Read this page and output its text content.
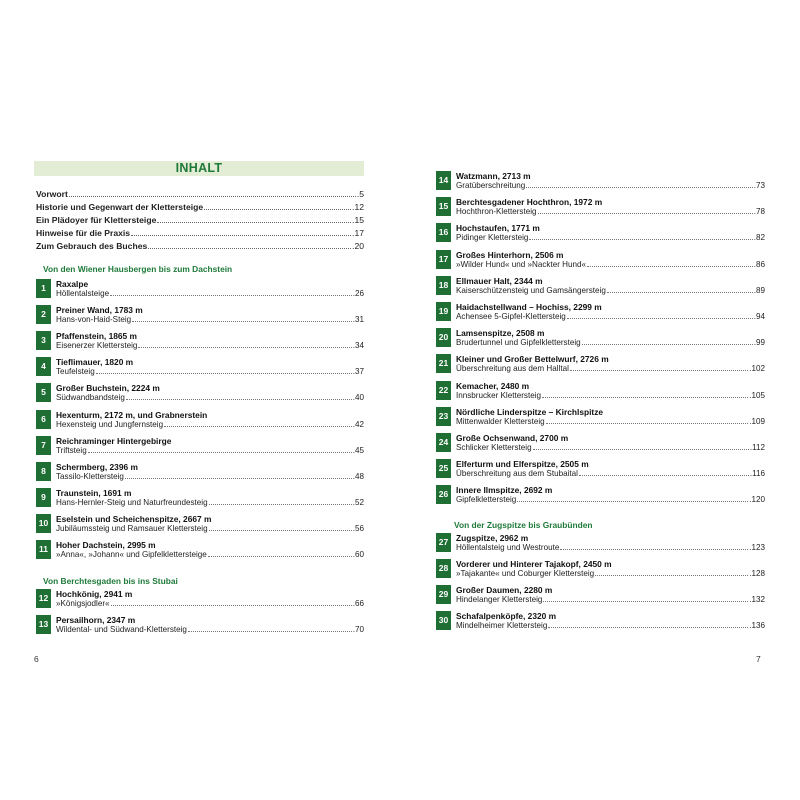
INHALT
Vorwort	.5
Historie und Gegenwart der Klettersteige	.12
Ein Plädoyer für Klettersteige	.15
Hinweise für die Praxis	.17
Zum Gebrauch des Buches	.20
Von den Wiener Hausbergen bis zum Dachstein
1	Raxalpe
Höllentalsteige	.26
2	Preiner Wand, 1783 m
Hans-von-Haid-Steig	.31
3	Pfaffenstein, 1865 m
Eisenerzer Klettersteig	.34
4	Tieflimauer, 1820 m
Teufelsteig	.37
5	Großer Buchstein, 2224 m
Südwandbandsteig	.40
6	Hexenturm, 2172 m, und Grabnerstein
Hexensteig und Jungfernsteig	.42
7	Reichraminger Hintergebirge
Triftsteig	.45
8	Schermberg, 2396 m
Tassilo-Klettersteig	.48
9	Traunstein, 1691 m
Hans-Hernler-Steig und Naturfreundesteig	.52
10 Eselstein und Scheichenspitze, 2667 m
Jubiläumssteig und Ramsauer Klettersteig	.56
11 Hoher Dachstein, 2995 m
»Anna«, »Johann« und Gipfelklettersteige	.60
Von Berchtesgaden bis ins Stubai
12 Hochkönig, 2941 m
»Königsjodler«	.66
13 Persailhorn, 2347 m
Wildental- und Südwand-Klettersteig	.70
6
14 Watzmann, 2713 m
Gratüberschreitung	.73
15 Berchtesgadener Hochthron, 1972 m
Hochthron-Klettersteig	.78
16 Hochstaufen, 1771 m
Pidinger Klettersteig	.82
17 Großes Hinterhorn, 2506 m
»Wilder Hund« und »Nackter Hund«	.86
18 Ellmauer Halt, 2344 m
Kaiserschützensteig und Gamsängersteig	.89
19 Haidachstellwand – Hochiss, 2299 m
Achensee 5-Gipfel-Klettersteig	.94
20 Lamsenspitze, 2508 m
Brudertunnel und Gipfelklettersteig	.99
21 Kleiner und Großer Bettelwurf, 2726 m
Überschreitung aus dem Halltal	.102
22 Kemacher, 2480 m
Innsbrucker Klettersteig	.105
23 Nördliche Linderspitze – Kirchlspitze
Mittenwalder Klettersteig	.109
24 Große Ochsenwand, 2700 m
Schlicker Klettersteig	.112
25 Elferturm und Elferspitze, 2505 m
Überschreitung aus dem Stubaital	.116
26 Innere Ilmspitze, 2692 m
Gipfelklettersteig	.120
Von der Zugspitze bis Graubünden
27 Zugspitze, 2962 m
Höllentalsteig und Westroute	.123
28 Vorderer und Hinterer Tajakopf, 2450 m
»Tajakante« und Coburger Klettersteig	.128
29 Großer Daumen, 2280 m
Hindelanger Klettersteig	.132
30 Schafalpenköpfe, 2320 m
Mindelheimer Klettersteig	.136
7
